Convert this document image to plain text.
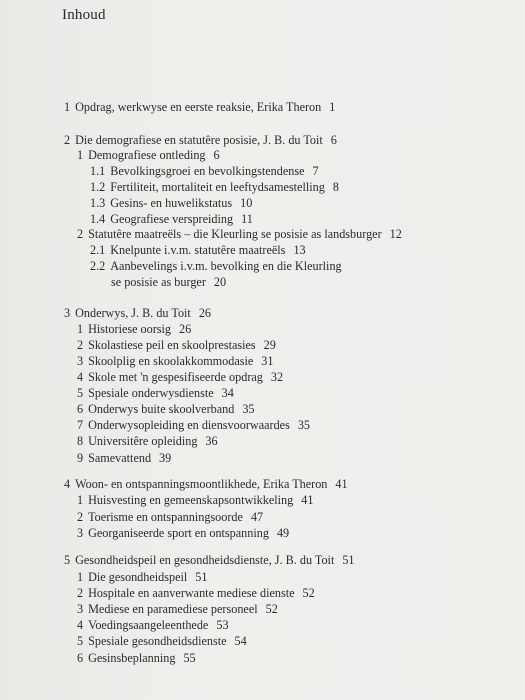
Inhoud
1 Opdrag, werkwyse en eerste reaksie, Erika Theron 1
2 Die demografiese en statutêre posisie, J. B. du Toit 6
1 Demografiese ontleding 6
1.1 Bevolkingsgroei en bevolkingstendense 7
1.2 Fertiliteit, mortaliteit en leeftydsamestelling 8
1.3 Gesins- en huwelikstatus 10
1.4 Geografiese verspreiding 11
2 Statutêre maatreëls – die Kleurling se posisie as landsburger 12
2.1 Knelpunte i.v.m. statutêre maatreëls 13
2.2 Aanbevelings i.v.m. bevolking en die Kleurling
se posisie as burger 20
3 Onderwys, J. B. du Toit 26
1 Historiese oorsig 26
2 Skolastiese peil en skoolprestasies 29
3 Skoolplig en skoolakkommodasie 31
4 Skole met 'n gespesifiseerde opdrag 32
5 Spesiale onderwysdienste 34
6 Onderwys buite skoolverband 35
7 Onderwysopleiding en diensvoorwaardes 35
8 Universitêre opleiding 36
9 Samevattend 39
4 Woon- en ontspanningsmoontlikhede, Erika Theron 41
1 Huisvesting en gemeenskapsontwikkeling 41
2 Toerisme en ontspanningsoorde 47
3 Georganiseerde sport en ontspanning 49
5 Gesondheidspeil en gesondheidsdienste, J. B. du Toit 51
1 Die gesondheidspeil 51
2 Hospitale en aanverwante mediese dienste 52
3 Mediese en paramediese personeel 52
4 Voedingsaangeleenthede 53
5 Spesiale gesondheidsdienste 54
6 Gesinsbeplanning 55
